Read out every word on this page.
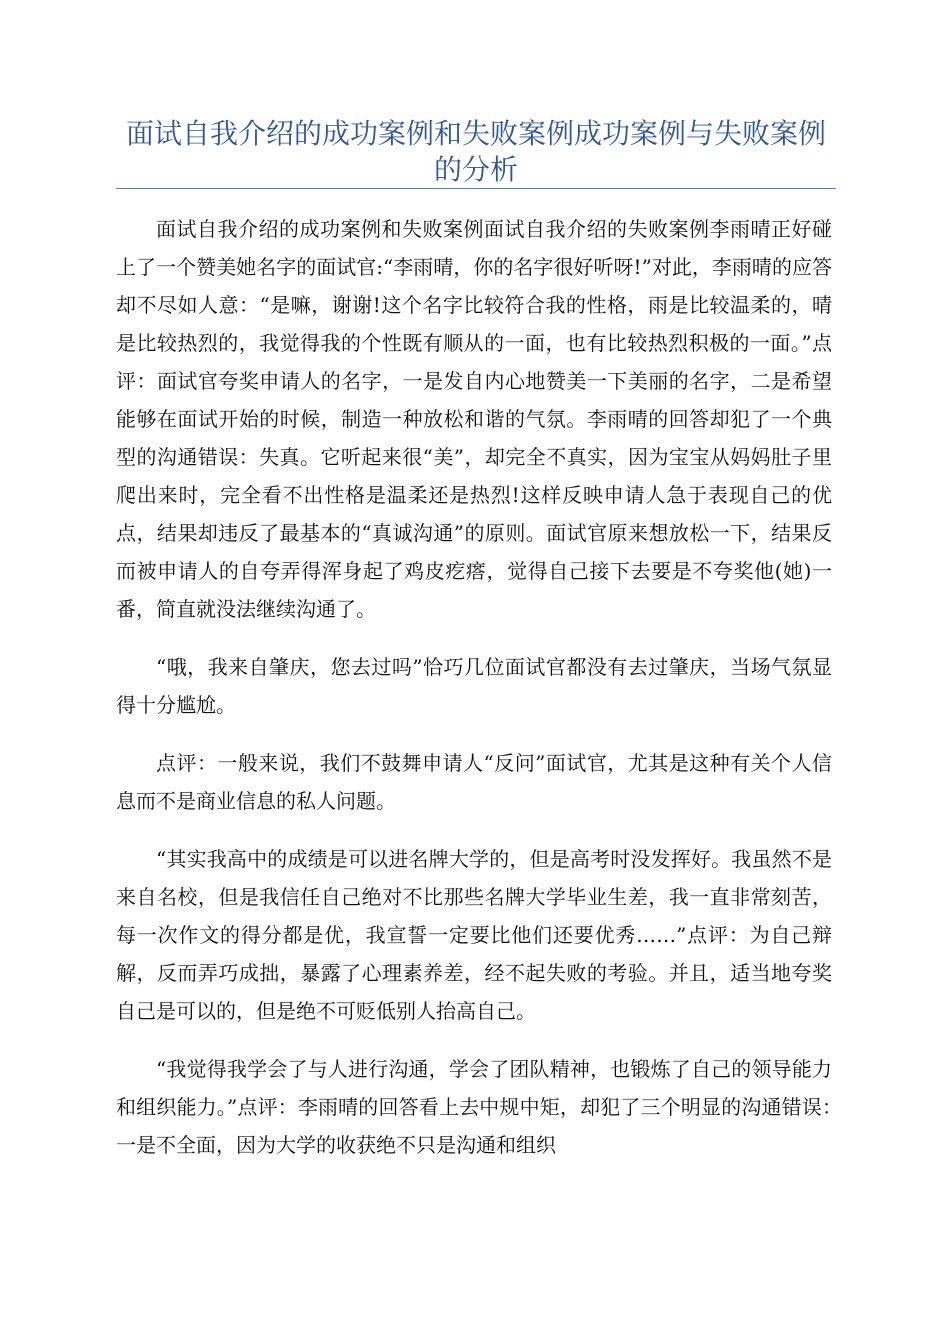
面试自我介绍的成功案例和失败案例成功案例与失败案例的分析

面试自我介绍的成功案例和失败案例面试自我介绍的失败案例李雨晴正好碰上了一个赞美她名字的面试官:“李雨晴，你的名字很好听呀!”对此，李雨晴的应答却不尽如人意：“是嘛，谢谢!这个名字比较符合我的性格，雨是比较温柔的，晴是比较热烈的，我觉得我的个性既有顺从的一面，也有比较热烈积极的一面。”点评：面试官夸奖申请人的名字，一是发自内心地赞美一下美丽的名字，二是希望能够在面试开始的时候，制造一种放松和谐的气氛。李雨晴的回答却犯了一个典型的沟通错误：失真。它听起来很“美”，却完全不真实，因为宝宝从妈妈肚子里爬出来时，完全看不出性格是温柔还是热烈!这样反映申请人急于表现自己的优点，结果却违反了最基本的“真诚沟通”的原则。面试官原来想放松一下，结果反而被申请人的自夸弄得浑身起了鸡皮疙瘩，觉得自己接下去要是不夸奖他(她)一番，简直就没法继续沟通了。

“哦，我来自肇庆，您去过吗”恰巧几位面试官都没有去过肇庆，当场气氛显得十分尴尬。

点评：一般来说，我们不鼓舞申请人“反问”面试官，尤其是这种有关个人信息而不是商业信息的私人问题。

“其实我高中的成绩是可以进名牌大学的，但是高考时没发挥好。我虽然不是来自名校，但是我信任自己绝对不比那些名牌大学毕业生差，我一直非常刻苦，每一次作文的得分都是优，我宣誓一定要比他们还要优秀……”点评：为自己辩解，反而弄巧成拙，暴露了心理素养差，经不起失败的考验。并且，适当地夸奖自己是可以的，但是绝不可贬低别人抬高自己。

“我觉得我学会了与人进行沟通，学会了团队精神，也锻炼了自己的领导能力和组织能力。”点评：李雨晴的回答看上去中规中矩，却犯了三个明显的沟通错误：　一是不全面，因为大学的收获绝不只是沟通和组织
